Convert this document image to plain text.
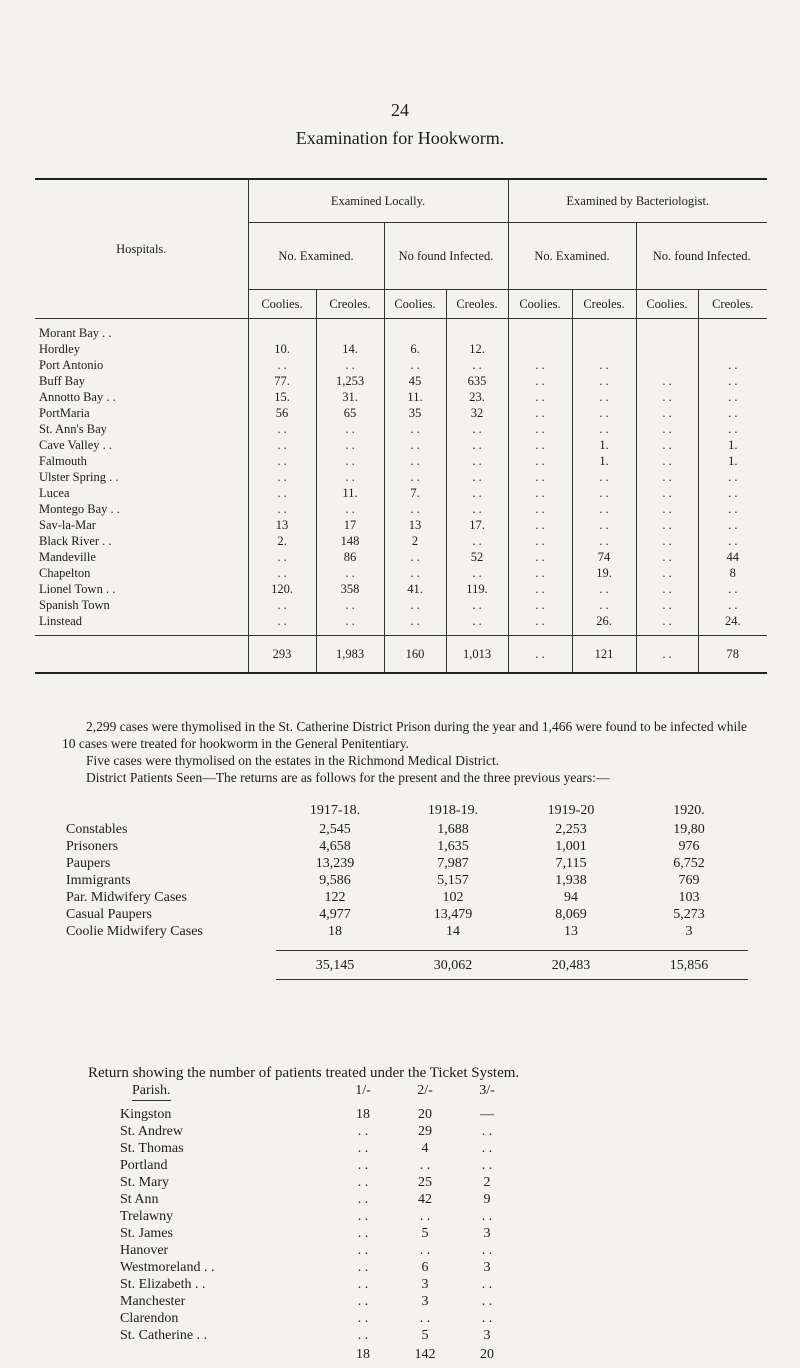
24
Examination for Hookworm.
Hospitals.	Examined Locally.				Examined by Bacteriologist.			
	No. Examined.		No found Infected.		No. Examined.		No. found Infected.	
	Coolies.	Creoles.	Coolies.	Creoles.	Coolies.	Creoles.	Coolies.	Creoles.
Morant Bay . .								
Hordley	10.	14.	6.	12.				
Port Antonio	. .	. .	. .	. .	. .	. .		. .
Buff Bay	77.	1,253	45	635	. .	. .	. .	. .
Annotto Bay . .	15.	31.	11.	23.	. .	. .	. .	. .
PortMaria	56	65	35	32	. .	. .	. .	. .
St. Ann's Bay	. .	. .	. .	. .	. .	. .	. .	. .
Cave Valley . .	. .	. .	. .	. .	. .	1.	. .	1.
Falmouth	. .	. .	. .	. .	. .	1.	. .	1.
Ulster Spring . .	. .	. .	. .	. .	. .	. .	. .	. .
Lucea	. .	11.	7.	. .	. .	. .	. .	. .
Montego Bay . .	. .	. .	. .	. .	. .	. .	. .	. .
Sav-la-Mar	13	17	13	17.	. .	. .	. .	. .
Black River . .	2.	148	2	. .	. .	. .	. .	. .
Mandeville	. .	86	. .	52	. .	74	. .	44
Chapelton	. .	. .	. .	. .	. .	19.	. .	8
Lionel Town . .	120.	358	41.	119.	. .	. .	. .	. .
Spanish Town	. .	. .	. .	. .	. .	. .	. .	. .
Linstead	. .	. .	. .	. .	. .	26.	. .	24.
	293	1,983	160	1,013	. .	121	. .	78

2,299 cases were thymolised in the St. Catherine District Prison during the year and 1,466 were found to be infected while 10 cases were treated for hookworm in the General Penitentiary.

Five cases were thymolised on the estates in the Richmond Medical District.

District Patients Seen—The returns are as follows for the present and the three previous years:—

	1917-18.	1918-19.	1919-20	1920.
Constables	2,545	1,688	2,253	19,80
Prisoners	4,658	1,635	1,001	976
Paupers	13,239	7,987	7,115	6,752
Immigrants	9,586	5,157	1,938	769
Par. Midwifery Cases	122	102	94	103
Casual Paupers	4,977	13,479	8,069	5,273
Coolie Midwifery Cases	18	14	13	3

	35,145	30,062	20,483	15,856
Return showing the number of patients treated under the Ticket System.
Parish.	1/-	2/-	3/-
Kingston	18	20	—
St. Andrew	. .	29	. .
St. Thomas	. .	4	. .
Portland	. .	. .	. .
St. Mary	. .	25	2
St Ann	. .	42	9
Trelawny	. .	. .	. .
St. James	. .	5	3
Hanover	. .	. .	. .
Westmoreland . .	. .	6	3
St. Elizabeth . .	. .	3	. .
Manchester	. .	3	. .
Clarendon	. .	. .	. .
St. Catherine . .	. .	5	3
	18	142	20
